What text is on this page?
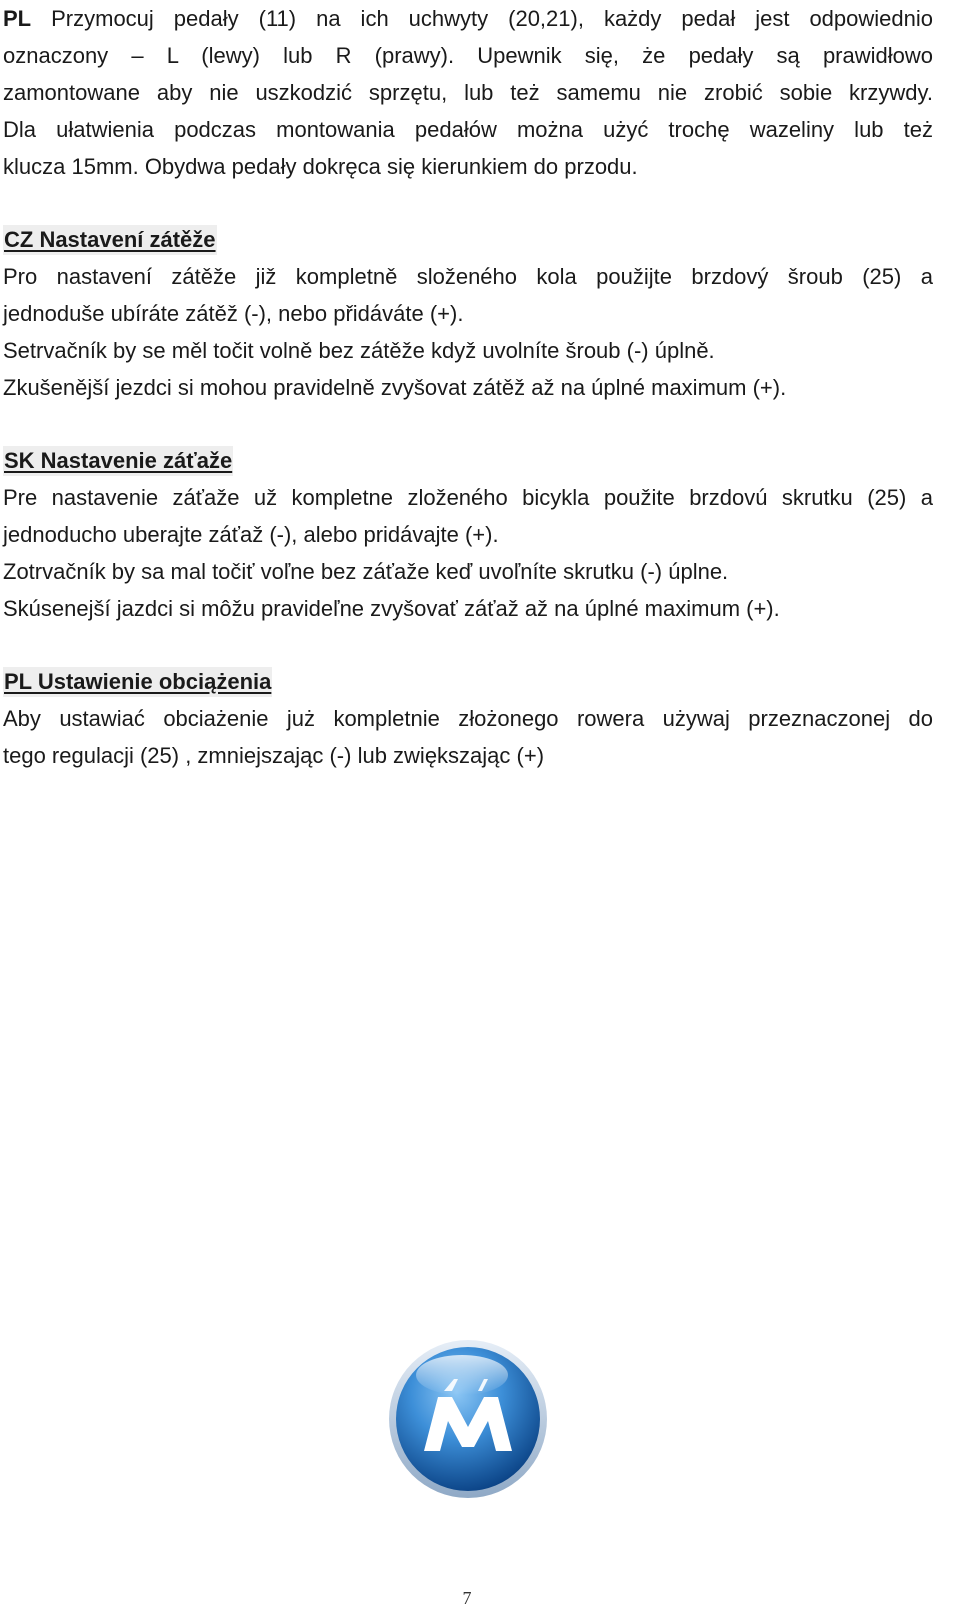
PL Przymocuj pedały (11) na ich uchwyty (20,21), każdy pedał jest odpowiednio

oznaczony – L (lewy) lub R (prawy). Upewnik się, że pedały są prawidłowo

zamontowane aby nie uszkodzić sprzętu, lub też samemu nie zrobić sobie krzywdy.

Dla ułatwienia podczas montowania pedałów można użyć trochę wazeliny lub też

klucza 15mm. Obydwa pedały dokręca się kierunkiem do przodu.

CZ Nastavení zátěže

Pro nastavení zátěže již kompletně složeného kola použijte brzdový šroub (25) a

jednoduše ubíráte zátěž (-), nebo přidáváte (+).

Setrvačník by se měl točit volně bez zátěže když uvolníte šroub (-) úplně.

Zkušenější jezdci si mohou pravidelně zvyšovat zátěž až na úplné maximum (+).

SK Nastavenie záťaže

Pre nastavenie záťaže už kompletne zloženého bicykla použite brzdovú skrutku (25) a

jednoducho uberajte záťaž (-), alebo pridávajte (+).

Zotrvačník by sa mal točiť voľne bez záťaže keď uvoľníte skrutku (-) úplne.

Skúsenejší jazdci si môžu pravideľne zvyšovať záťaž až na úplné maximum (+).

PL Ustawienie obciążenia

Aby ustawiać obciażenie już kompletnie złożonego rowera używaj przeznaczonej do

tego regulacji (25) , zmniejszając (-) lub zwiększając (+)

7
